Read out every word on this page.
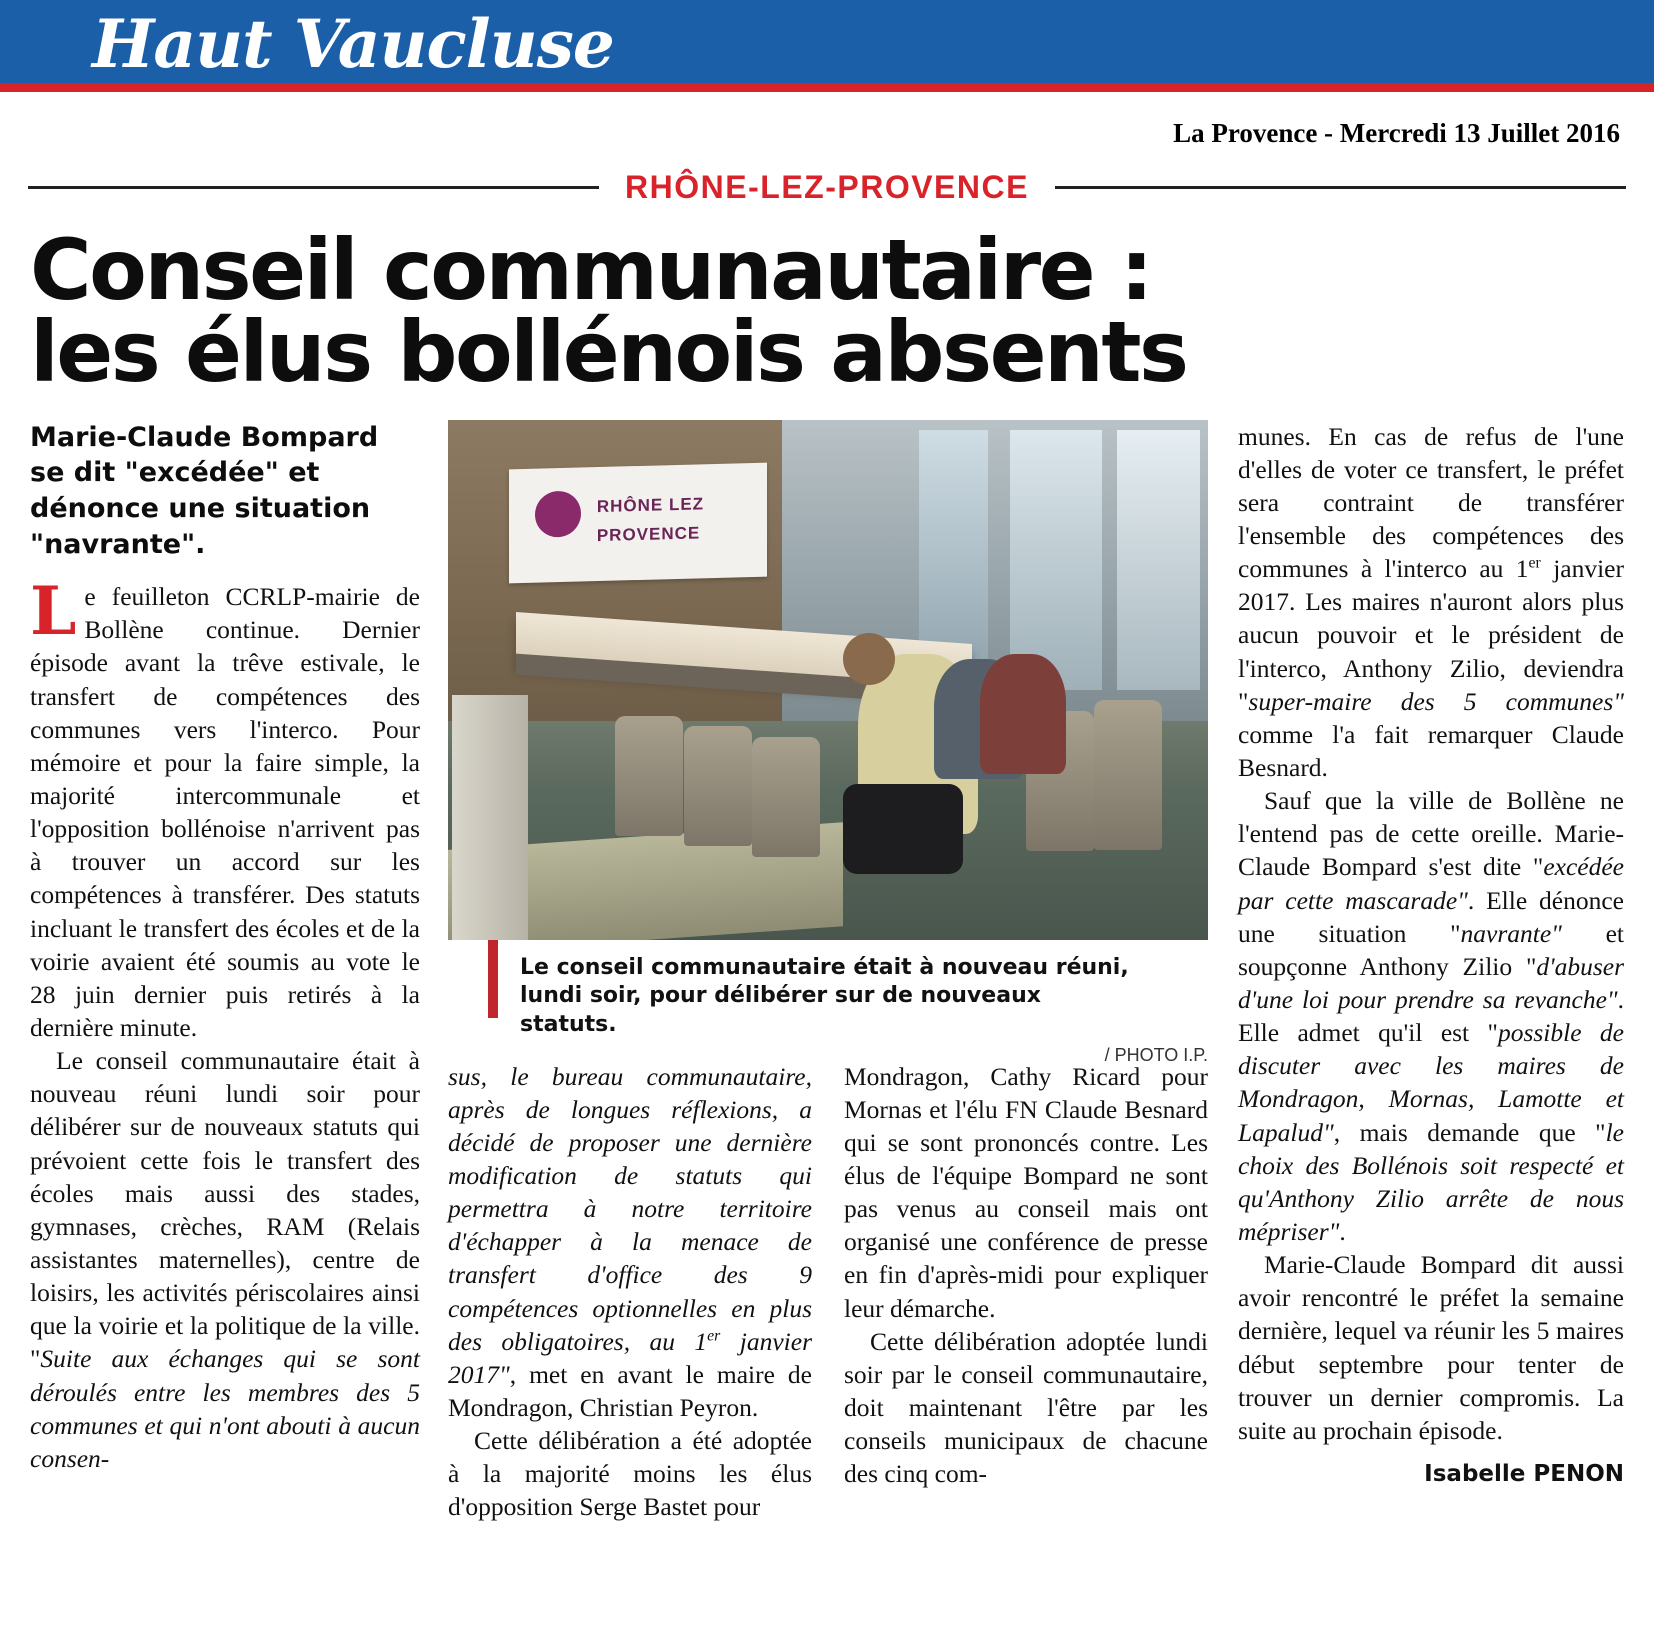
Haut Vaucluse
La Provence - Mercredi 13 Juillet 2016
RHÔNE-LEZ-PROVENCE
Conseil communautaire :
les élus bollénois absents
Marie-Claude Bompard se dit "excédée" et dénonce une situation "navrante".

Le feuilleton CCRLP-mairie de Bollène continue. Dernier épisode avant la trêve estivale, le transfert de compétences des communes vers l'interco. Pour mémoire et pour la faire simple, la majorité intercommunale et l'opposition bollénoise n'arrivent pas à trouver un accord sur les compétences à transférer. Des statuts incluant le transfert des écoles et de la voirie avaient été soumis au vote le 28 juin dernier puis retirés à la dernière minute.

Le conseil communautaire était à nouveau réuni lundi soir pour délibérer sur de nouveaux statuts qui prévoient cette fois le transfert des écoles mais aussi des stades, gymnases, crèches, RAM (Relais assistantes maternelles), centre de loisirs, les activités périscolaires ainsi que la voirie et la politique de la ville. "Suite aux échanges qui se sont déroulés entre les membres des 5 communes et qui n'ont abouti à aucun consen-

RHÔNE LEZ
PROVENCE
Le conseil communautaire était à nouveau réuni, lundi soir, pour délibérer sur de nouveaux statuts.
/ PHOTO I.P.

sus, le bureau communautaire, après de longues réflexions, a décidé de proposer une dernière modification de statuts qui permettra à notre territoire d'échapper à la menace de transfert d'office des 9 compétences optionnelles en plus des obligatoires, au 1er janvier 2017", met en avant le maire de Mondragon, Christian Peyron.

Cette délibération a été adoptée à la majorité moins les élus d'opposition Serge Bastet pour

Mondragon, Cathy Ricard pour Mornas et l'élu FN Claude Besnard qui se sont prononcés contre. Les élus de l'équipe Bompard ne sont pas venus au conseil mais ont organisé une conférence de presse en fin d'après-midi pour expliquer leur démarche.

Cette délibération adoptée lundi soir par le conseil communautaire, doit maintenant l'être par les conseils municipaux de chacune des cinq com-

munes. En cas de refus de l'une d'elles de voter ce transfert, le préfet sera contraint de transférer l'ensemble des compétences des communes à l'interco au 1er janvier 2017. Les maires n'auront alors plus aucun pouvoir et le président de l'interco, Anthony Zilio, deviendra "super-maire des 5 communes" comme l'a fait remarquer Claude Besnard.

Sauf que la ville de Bollène ne l'entend pas de cette oreille. Marie-Claude Bompard s'est dite "excédée par cette mascarade". Elle dénonce une situation "navrante" et soupçonne Anthony Zilio "d'abuser d'une loi pour prendre sa revanche". Elle admet qu'il est "possible de discuter avec les maires de Mondragon, Mornas, Lamotte et Lapalud", mais demande que "le choix des Bollénois soit respecté et qu'Anthony Zilio arrête de nous mépriser".

Marie-Claude Bompard dit aussi avoir rencontré le préfet la semaine dernière, lequel va réunir les 5 maires début septembre pour tenter de trouver un dernier compromis. La suite au prochain épisode.

Isabelle PENON
